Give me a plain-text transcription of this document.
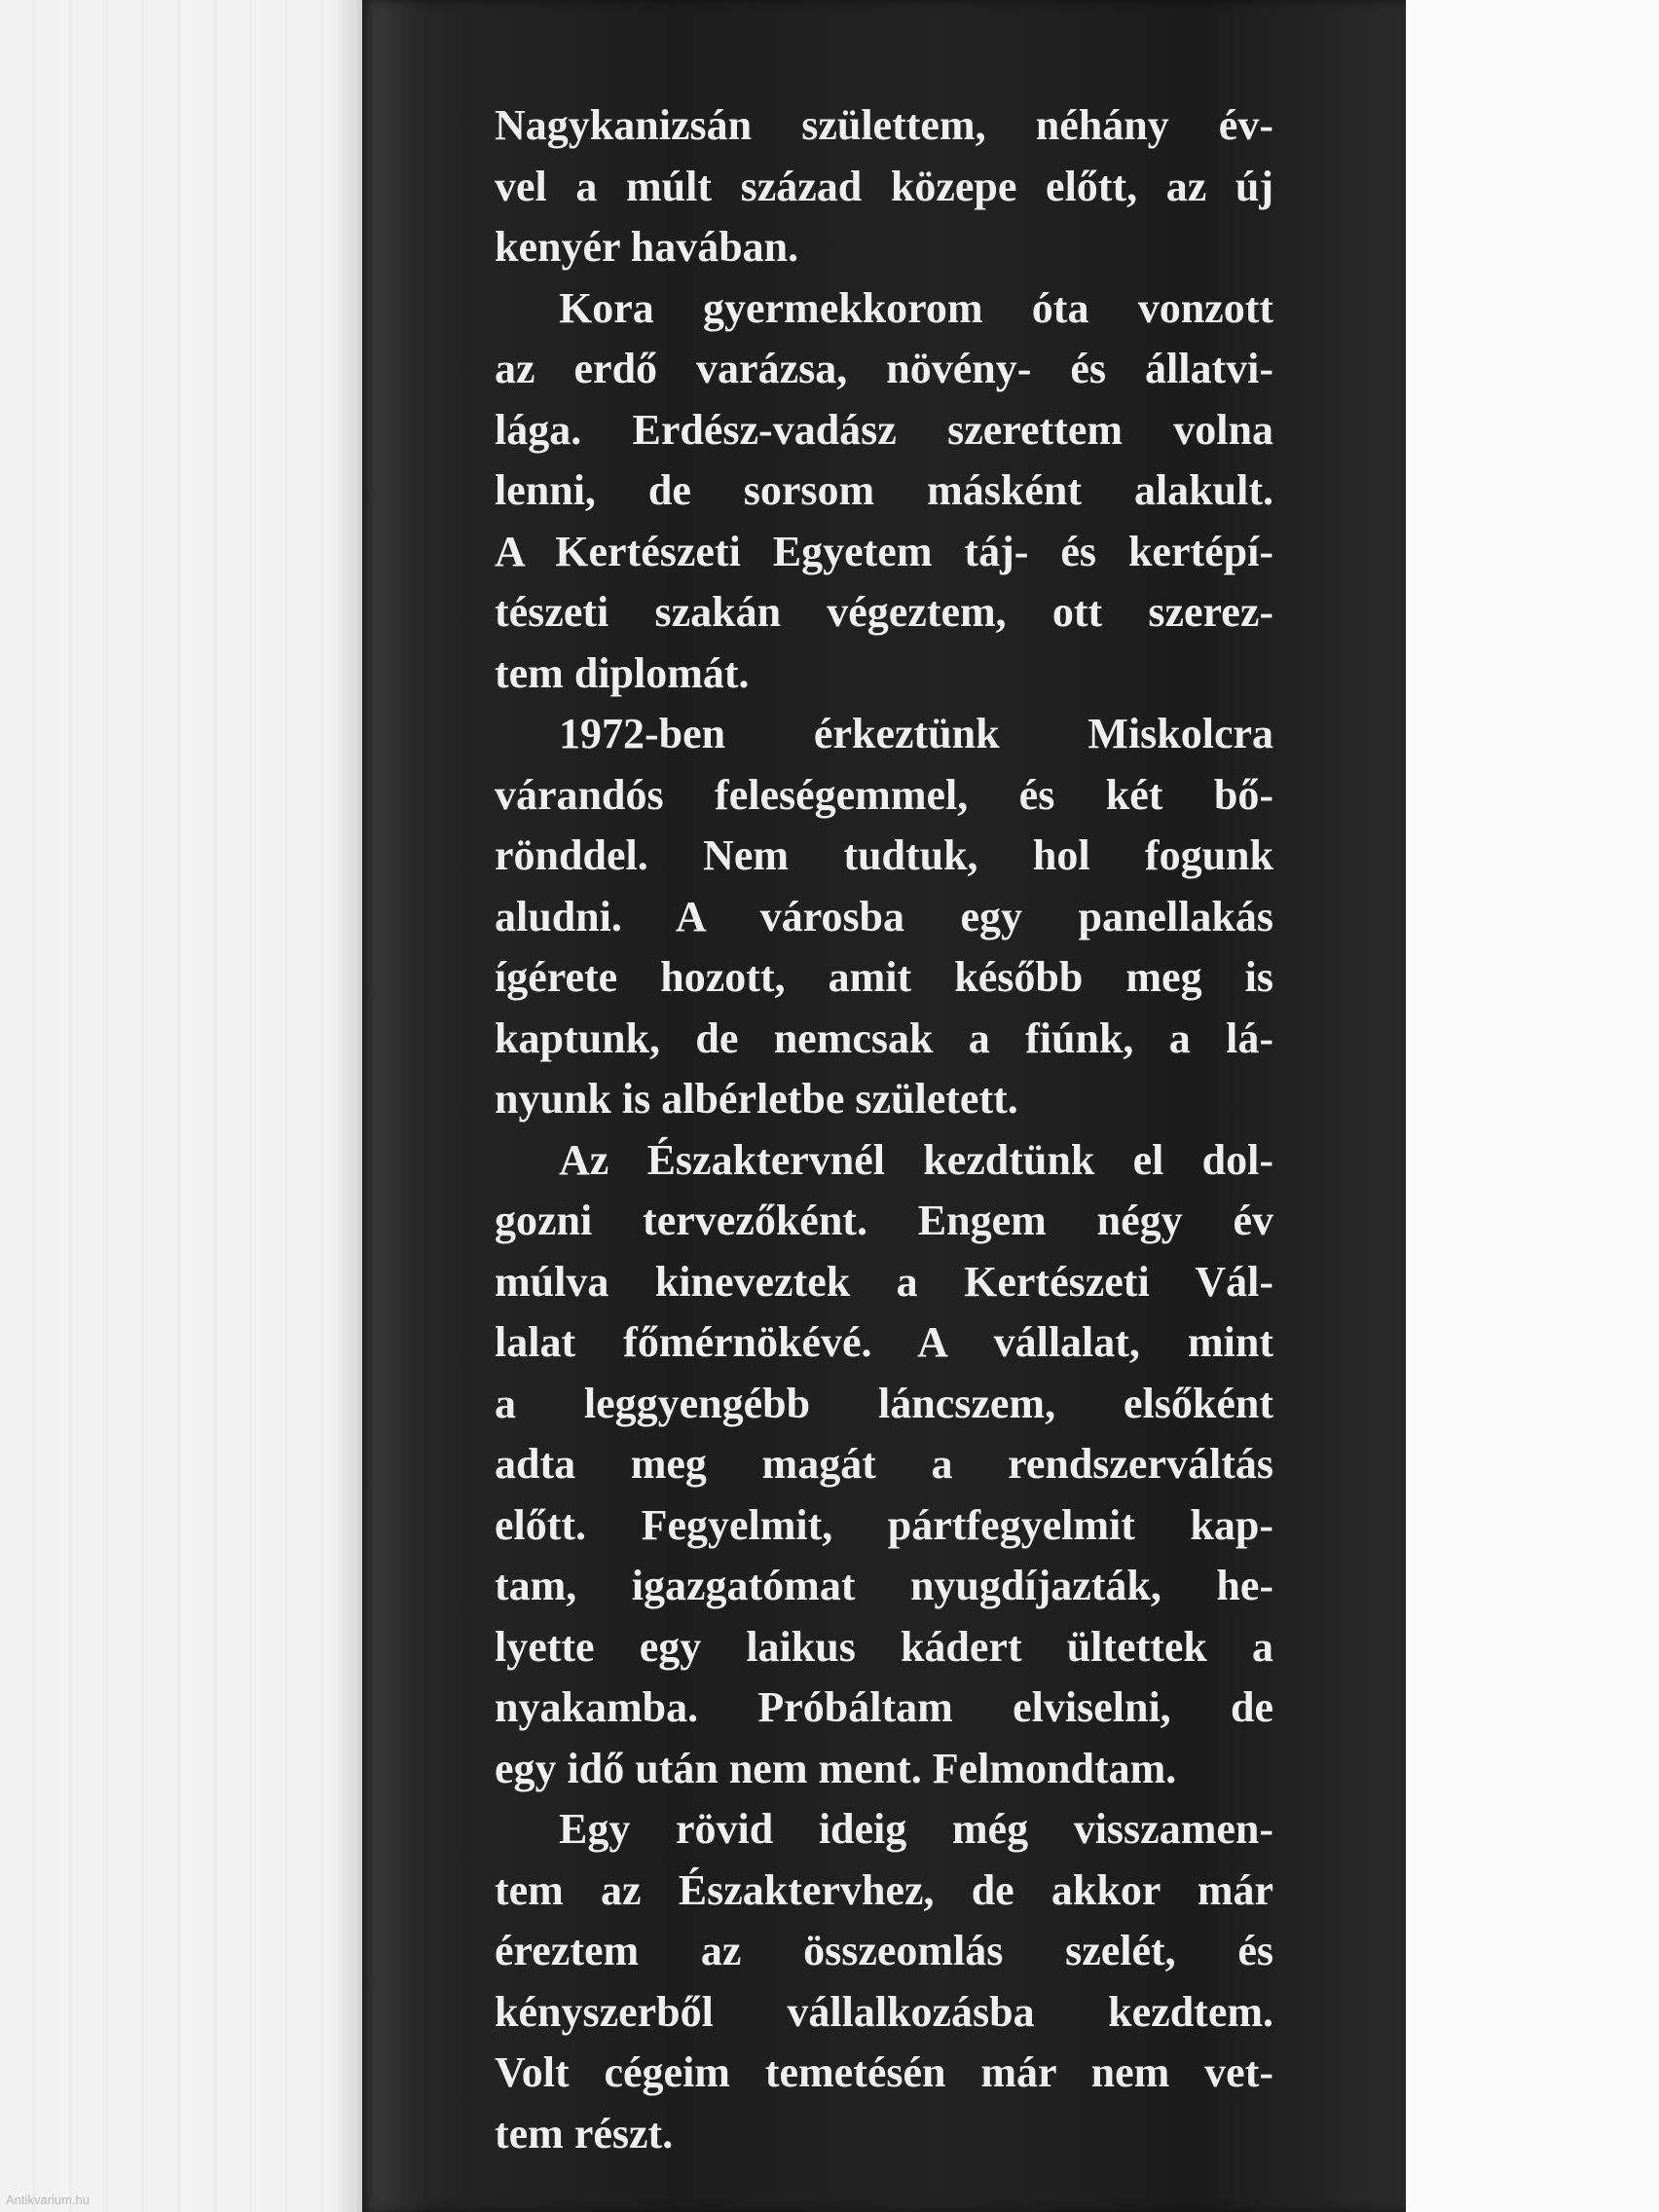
Nagykanizsán születtem, néhány év-
vel a múlt század közepe előtt, az új
kenyér havában.
Kora gyermekkorom óta vonzott
az erdő varázsa, növény- és állatvi-
lága. Erdész-vadász szerettem volna
lenni, de sorsom másként alakult.
A Kertészeti Egyetem táj- és kertépí-
tészeti szakán végeztem, ott szerez-
tem diplomát.
1972-ben érkeztünk Miskolcra
várandós feleségemmel, és két bő-
rönddel. Nem tudtuk, hol fogunk
aludni. A városba egy panellakás
ígérete hozott, amit később meg is
kaptunk, de nemcsak a fiúnk, a lá-
nyunk is albérletbe született.
Az Északtervnél kezdtünk el dol-
gozni tervezőként. Engem négy év
múlva kineveztek a Kertészeti Vál-
lalat főmérnökévé. A vállalat, mint
a leggyengébb láncszem, elsőként
adta meg magát a rendszerváltás
előtt. Fegyelmit, pártfegyelmit kap-
tam, igazgatómat nyugdíjazták, he-
lyette egy laikus kádert ültettek a
nyakamba. Próbáltam elviselni, de
egy idő után nem ment. Felmondtam.
Egy rövid ideig még visszamen-
tem az Északtervhez, de akkor már
éreztem az összeomlás szelét, és
kényszerből vállalkozásba kezdtem.
Volt cégeim temetésén már nem vet-
tem részt.
Antikvarium.hu
